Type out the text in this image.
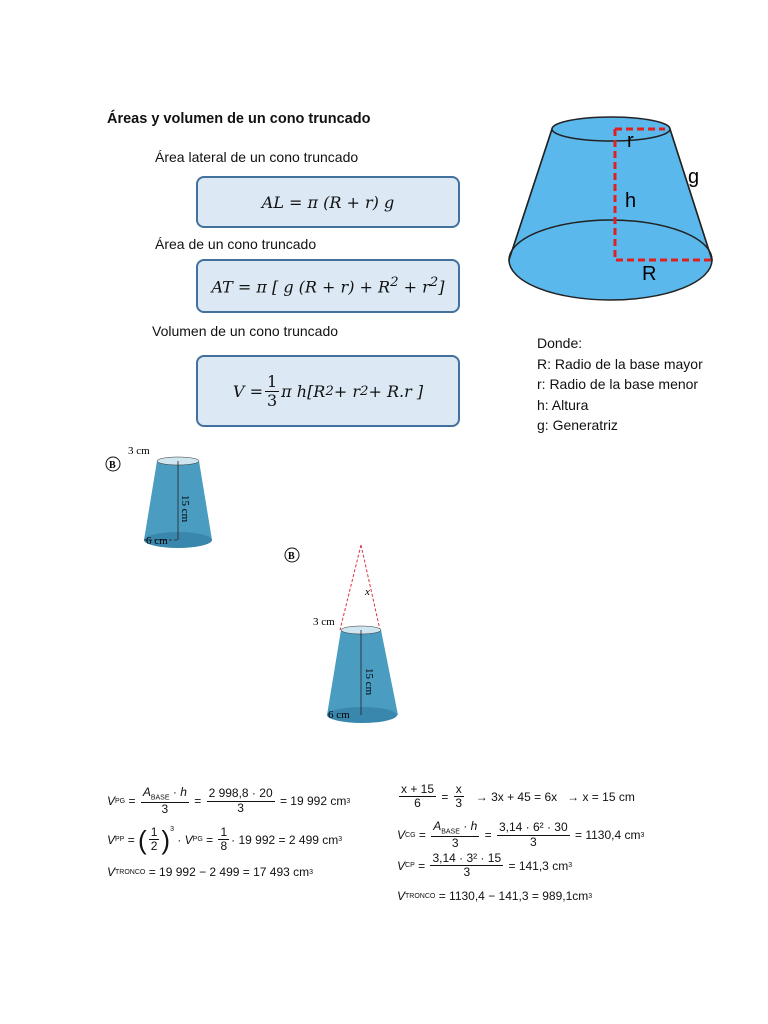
Áreas y volumen de un cono truncado
Área lateral de un cono truncado
AL = π (R + r) g
Área de un cono truncado
AT = π [ g $(R + r) + R^2 + r^2$]
Volumen de un cono truncado
$V = \frac{1}{3}$ π h[R 2 + r 2 + R.r ]
r
h
g
R
Donde:
R: Radio de la base mayor
r: Radio de la base menor
h: Altura
g: Generatriz
B
3 cm
6 cm
15 cm
B
x
3 cm
6 cm
15 cm
V PG = $\frac{A_{BASE} \cdot h}{3} = \frac{2 998,8 \cdot 20}{3}$
= 19 992 cm 3
V PP = ( $\frac{1}{2} )^3$

· V PG = $\frac{1}{8} \cdot 19$ 992 = 2 499 cm 3
V TRONCO
= 19 992 − 2 499 = 17 493 cm 3
$\frac{x + 15}{6} = \frac{x}{3}$
→ 3x + 45 = 6x
→ x = 15 cm
V CG = $\frac{A_{BASE} \cdot h}{3} = \frac{\text{3,14 · 6² · 30}}{3}$
= 1130,4 cm 3
V CP = $\frac{\text{3,14 · 3² · 15}}{3}$
= 141,3 cm 3
V TRONCO
= 1130,4 − 141,3 = 989,1cm 3
